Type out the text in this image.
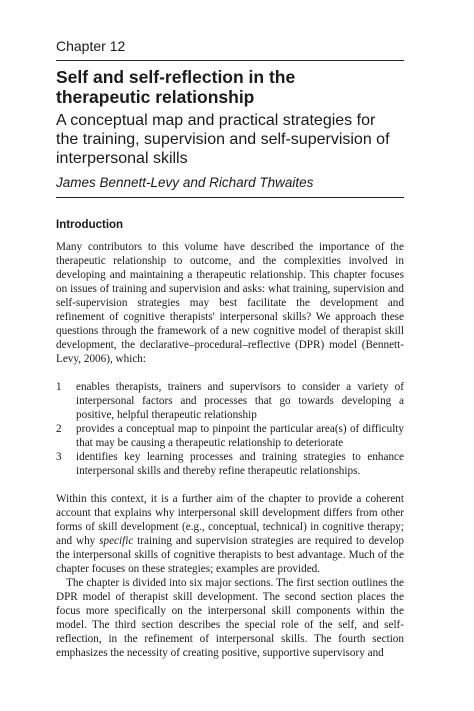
Chapter 12
Self and self-reflection in the
therapeutic relationship
A conceptual map and practical strategies for
the training, supervision and self-supervision of
interpersonal skills
James Bennett-Levy and Richard Thwaites
Introduction

Many contributors to this volume have described the importance of the therapeutic relationship to outcome, and the complexities involved in developing and maintaining a therapeutic relationship. This chapter focuses on issues of training and supervision and asks: what training, supervision and self-supervision strategies may best facilitate the development and refinement of cognitive therapists' interpersonal skills? We approach these questions through the framework of a new cognitive model of therapist skill development, the declarative–procedural–reflective (DPR) model (Bennett-Levy, 2006), which:

1	enables therapists, trainers and supervisors to consider a variety of interpersonal factors and processes that go towards developing a positive, helpful therapeutic relationship
2	provides a conceptual map to pinpoint the particular area(s) of difficulty that may be causing a therapeutic relationship to deteriorate
3	identifies key learning processes and training strategies to enhance interpersonal skills and thereby refine therapeutic relationships.

Within this context, it is a further aim of the chapter to provide a coherent account that explains why interpersonal skill development differs from other forms of skill development (e.g., conceptual, technical) in cognitive therapy; and why specific training and supervision strategies are required to develop the interpersonal skills of cognitive therapists to best advantage. Much of the chapter focuses on these strategies; examples are provided.

The chapter is divided into six major sections. The first section outlines the DPR model of therapist skill development. The second section places the focus more specifically on the interpersonal skill components within the model. The third section describes the special role of the self, and self-reflection, in the refinement of interpersonal skills. The fourth section emphasizes the necessity of creating positive, supportive supervisory and
